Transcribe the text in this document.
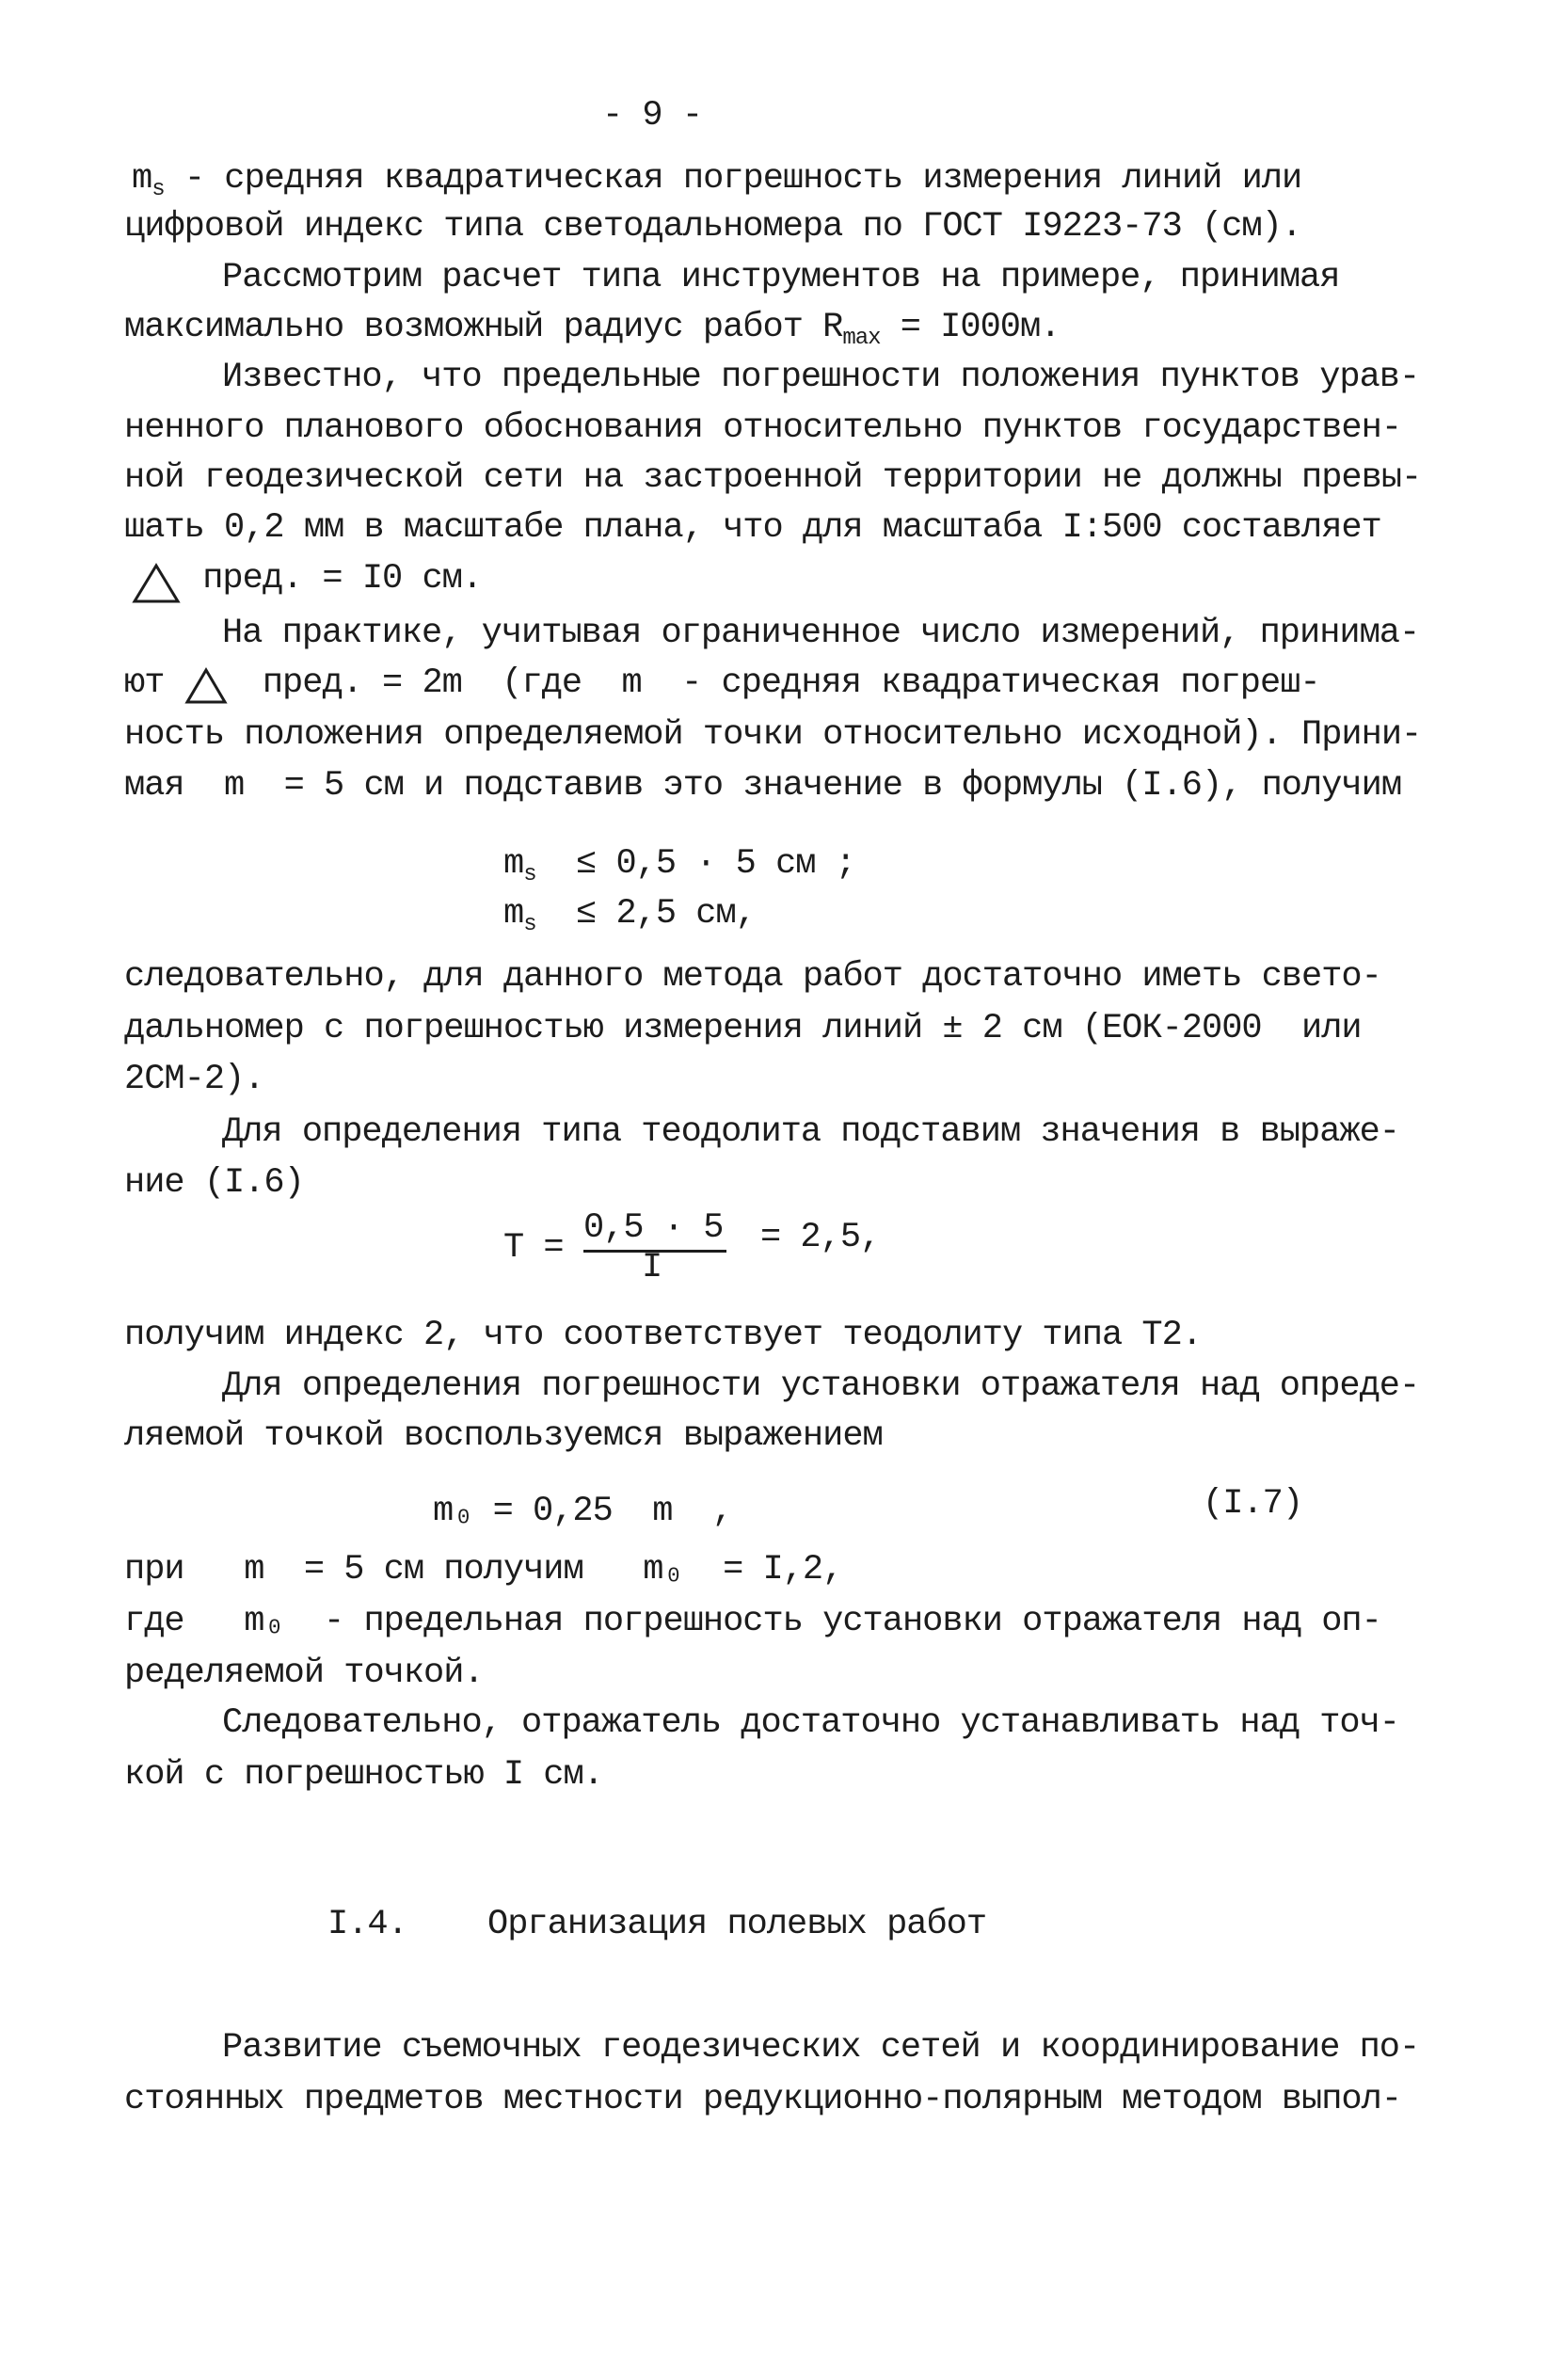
- 9 -
$m_s$ - средняя квадратическая погрешность измерения линий или
цифровой индекс типа светодальномера по ГОСТ I9223-73 (см).
Рассмотрим расчет типа инструментов на примере, принимая
максимально возможный радиус работ $R_{max} = I000м$.
Известно, что предельные погрешности положения пунктов урав-
ненного планового обоснования относительно пунктов государствен-
ной геодезической сети на застроенной территории не должны превы-
шать 0,2 мм в масштабе плана, что для масштаба I:500 составляет
пред. = I0 см.
На практике, учитывая ограниченное число измерений, принима-
ют
пред. = 2m  (где  m  - средняя квадратическая погреш-
ность положения определяемой точки относительно исходной). Прини-
мая  m  = 5 см и подставив это значение в формулы (I.6), получим
$m_s \le 0,5 \cdot 5$ см ;
$m_s \le 2,5$ см,
следовательно, для данного метода работ достаточно иметь свето-
дальномер с погрешностью измерения линий ± 2 см (ЕОК-2000  или
2СМ-2).
Для определения типа теодолита подставим значения в выраже-
ние (I.6)
T = 0,5 · 5
I
= 2,5,
получим индекс 2, что соответствует теодолиту типа Т2.
Для определения погрешности установки отражателя над опреде-
ляемой точкой воспользуемся выражением
m₀ = 0,25  m  ,	(I.7)
при   m  = 5 см получим   m₀  = I,2,
где   m₀  - предельная погрешность установки отражателя над оп-
ределяемой точкой.
Следовательно, отражатель достаточно устанавливать над точ-
кой с погрешностью I см.
I.4. Организация полевых работ
Развитие съемочных геодезических сетей и координирование по-
стоянных предметов местности редукционно-полярным методом выпол-
